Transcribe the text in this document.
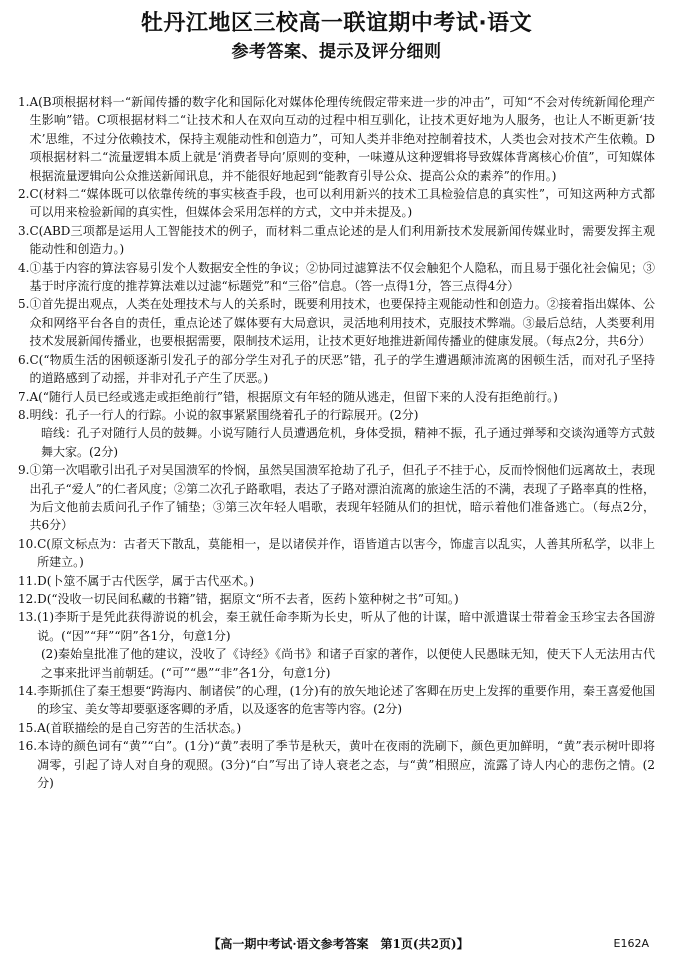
牡丹江地区三校高一联谊期中考试·语文
参考答案、提示及评分细则
1. A(B项根据材料一“新闻传播的数字化和国际化对媒体伦理传统假定带来进一步的冲击”，可知“不会对传统新闻伦理产生影响”错。C项根据材料二“让技术和人在双向互动的过程中相互驯化，让技术更好地为人服务，也让人不断更新‘技术’思维，不过分依赖技术，保持主观能动性和创造力”，可知人类并非绝对控制着技术，人类也会对技术产生依赖。D项根据材料二“流量逻辑本质上就是‘消费者导向’原则的变种，一味遵从这种逻辑将导致媒体背离核心价值”，可知媒体根据流量逻辑向公众推送新闻讯息，并不能很好地起到“能教育引导公众、提高公众的素养”的作用。)
2. C(材料二“媒体既可以依靠传统的事实核查手段，也可以利用新兴的技术工具检验信息的真实性”，可知这两种方式都可以用来检验新闻的真实性，但媒体会采用怎样的方式，文中并未提及。)
3. C(ABD三项都是运用人工智能技术的例子，而材料二重点论述的是人们利用新技术发展新闻传媒业时，需要发挥主观能动性和创造力。)
4. ①基于内容的算法容易引发个人数据安全性的争议；②协同过滤算法不仅会触犯个人隐私，而且易于强化社会偏见；③基于时序流行度的推荐算法难以过滤“标题党”和“三俗”信息。（答一点得1分，答三点得4分）
5. ①首先提出观点，人类在处理技术与人的关系时，既要利用技术，也要保持主观能动性和创造力。②接着指出媒体、公众和网络平台各自的责任，重点论述了媒体要有大局意识，灵活地利用技术，克服技术弊端。③最后总结，人类要利用技术发展新闻传播业，也要根据需要，限制技术运用，让技术更好地推进新闻传播业的健康发展。（每点2分，共6分）
6. C(“物质生活的困顿逐渐引发孔子的部分学生对孔子的厌恶”错，孔子的学生遭遇颠沛流离的困顿生活，而对孔子坚持的道路感到了动摇，并非对孔子产生了厌恶。)
7. A(“随行人员已经或逃走或拒绝前行”错，根据原文有年轻的随从逃走，但留下来的人没有拒绝前行。)
8. 明线：孔子一行人的行踪。小说的叙事紧紧围绕着孔子的行踪展开。(2分)
暗线：孔子对随行人员的鼓舞。小说写随行人员遭遇危机，身体受损，精神不振，孔子通过弹琴和交谈沟通等方式鼓舞大家。(2分)
9. ①第一次唱歌引出孔子对吴国溃军的怜悯，虽然吴国溃军抢劫了孔子，但孔子不挂于心，反而怜悯他们远离故土，表现出孔子“爱人”的仁者风度；②第二次孔子路歌唱，表达了子路对漂泊流离的旅途生活的不满，表现了子路率真的性格，为后文他前去质问孔子作了铺垫；③第三次年轻人唱歌，表现年轻随从们的担忧，暗示着他们准备逃亡。（每点2分，共6分）
10. C(原文标点为：古者天下散乱，莫能相一，是以诸侯并作，语皆道古以害今，饰虚言以乱实，人善其所私学，以非上所建立。)
11. D(卜筮不属于古代医学，属于古代巫术。)
12. D(“没收一切民间私藏的书籍”错，据原文“所不去者，医药卜筮种树之书”可知。)
13. (1)李斯于是凭此获得游说的机会，秦王就任命李斯为长史，听从了他的计谋，暗中派遣谋士带着金玉珍宝去各国游说。(“因”“拜”“阴”各1分，句意1分)
(2)秦始皇批准了他的建议，没收了《诗经》《尚书》和诸子百家的著作，以便使人民愚昧无知，使天下人无法用古代之事来批评当前朝廷。(“可”“愚”“非”各1分，句意1分)
14. 李斯抓住了秦王想要“跨海内、制诸侯”的心理，(1分)有的放矢地论述了客卿在历史上发挥的重要作用，秦王喜爱他国的珍宝、美女等却要驱逐客卿的矛盾，以及逐客的危害等内容。(2分)
15. A(首联描绘的是自己穷苦的生活状态。)
16. 本诗的颜色词有“黄”“白”。(1分)“黄”表明了季节是秋天，黄叶在夜雨的洗刷下，颜色更加鲜明，“黄”表示树叶即将凋零，引起了诗人对自身的观照。(3分)“白”写出了诗人衰老之态，与“黄”相照应，流露了诗人内心的悲伤之情。(2分)
【高一期中考试·语文参考答案　第1页(共2页)】	E162A
